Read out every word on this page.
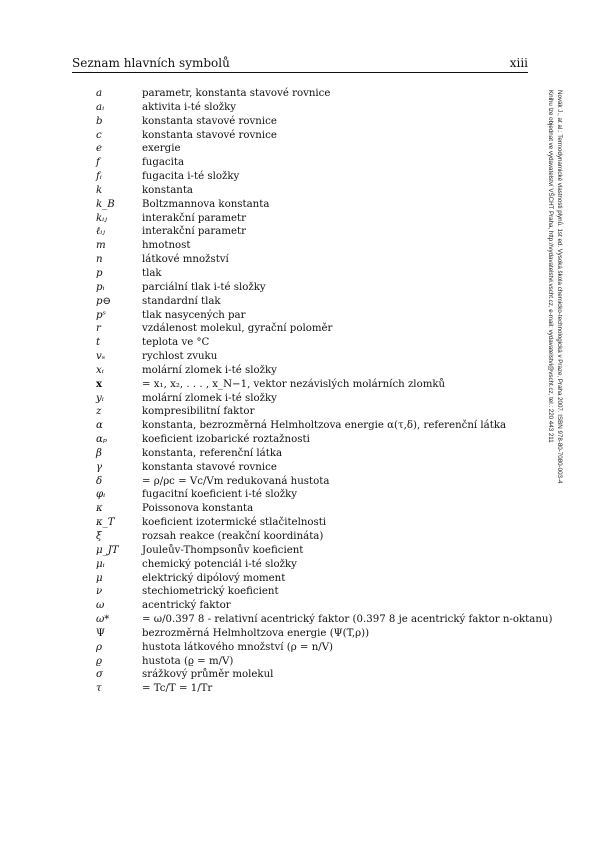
Seznam hlavních symbolů	xiii
a	parametr, konstanta stavové rovnice
aᵢ	aktivita i-té složky
b	konstanta stavové rovnice
c	konstanta stavové rovnice
e	exergie
f	fugacita
fᵢ	fugacita i-té složky
k	konstanta
k_B	Boltzmannova konstanta
kᵢⱼ	interakční parametr
ℓᵢⱼ	interakční parametr
m	hmotnost
n	látkové množství
p	tlak
pᵢ	parciální tlak i-té složky
p⊖	standardní tlak
pˢ	tlak nasycených par
r	vzdálenost molekul, gyrační poloměr
t	teplota ve °C
vₛ	rychlost zvuku
xᵢ	molární zlomek i-té složky
x	= x₁, x₂, . . . , x_N−1, vektor nezávislých molárních zlomků
yᵢ	molární zlomek i-té složky
z	kompresibilitní faktor
α	konstanta, bezrozměrná Helmholtzova energie α(τ,δ), referenční látka
αₚ	koeficient izobarické roztažnosti
β	konstanta, referenční látka
γ	konstanta stavové rovnice
δ	= ρ/ρc = Vc/Vm redukovaná hustota
φᵢ	fugacitní koeficient i-té složky
κ	Poissonova konstanta
κ_T	koeficient izotermické stlačitelnosti
ξ	rozsah reakce (reakční koordináta)
μ_JT	Jouleův-Thompsonův koeficient
μᵢ	chemický potenciál i-té složky
μ	elektrický dipólový moment
ν	stechiometrický koeficient
ω	acentrický faktor
ω*	= ω/0.397 8 - relativní acentrický faktor (0.397 8 je acentrický faktor n-oktanu)
Ψ	bezrozměrná Helmholtzova energie (Ψ(T,ρ))
ρ	hustota látkového množství (ρ = n/V)
ϱ	hustota (ϱ = m/V)
σ	srážkový průměr molekul
τ	= Tc/T = 1/Tr
Novák J., at al.: Termodynamické vlastnosti plynů. 1st ed. Vysoká škola chemicko-technologická v Praze, Praha 2007. ISBN 978-80-7080-003-4
Knihu lze objednat ve vydavatelství VŠCHT Praha, http://vydavatelstvi.vscht.cz, e-mail: vydavatelstvi@vscht.cz, tel.: 220 443 211
